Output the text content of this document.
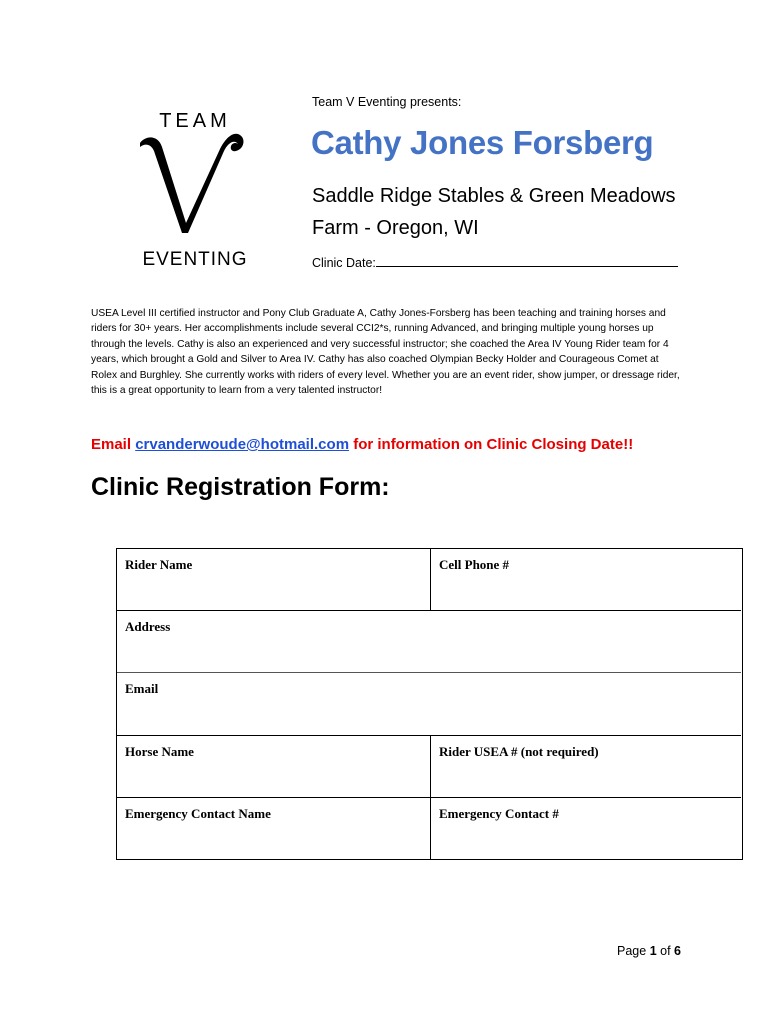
TEAM
EVENTING
Team V Eventing presents:
Cathy Jones Forsberg
Saddle Ridge Stables & Green Meadows
Farm - Oregon, WI
Clinic Date:
USEA Level III certified instructor and Pony Club Graduate A, Cathy Jones-Forsberg has been teaching and training horses and riders for 30+ years. Her accomplishments include several CCI2*s, running Advanced, and bringing multiple young horses up through the levels. Cathy is also an experienced and very successful instructor; she coached the Area IV Young Rider team for 4 years, which brought a Gold and Silver to Area IV. Cathy has also coached Olympian Becky Holder and Courageous Comet at Rolex and Burghley. She currently works with riders of every level. Whether you are an event rider, show jumper, or dressage rider, this is a great opportunity to learn from a very talented instructor!
Email crvanderwoude@hotmail.com for information on Clinic Closing Date!!
Clinic Registration Form:
Rider Name	Cell Phone #
Address
Email
Horse Name	Rider USEA # (not required)
Emergency Contact Name	Emergency Contact #
Page 1 of 6
